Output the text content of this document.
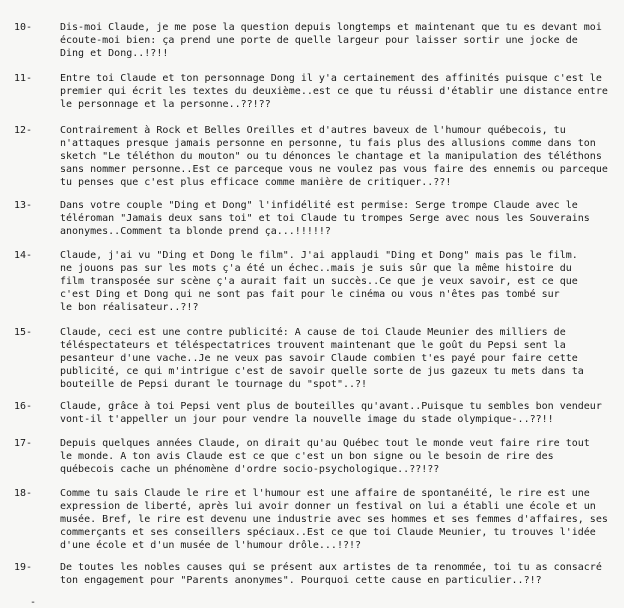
10-	Dis-moi Claude, je me pose la question depuis longtemps et maintenant que tu es devant moi
écoute-moi bien: ça prend une porte de quelle largeur pour laisser sortir une jocke de
Ding et Dong..!?!!
11-	Entre toi Claude et ton personnage Dong il y'a certainement des affinités puisque c'est le
premier qui écrit les textes du deuxième..est ce que tu réussi d'établir une distance entre
le personnage et la personne..??!??
12-	Contrairement à Rock et Belles Oreilles et d'autres baveux de l'humour québecois, tu
n'attaques presque jamais personne en personne, tu fais plus des allusions comme dans ton
sketch "Le téléthon du mouton" ou tu dénonces le chantage et la manipulation des téléthons
sans nommer personne..Est ce parceque vous ne voulez pas vous faire des ennemis ou parceque
tu penses que c'est plus efficace comme manière de critiquer..??!
13-	Dans votre couple "Ding et Dong" l'infidélité est permise: Serge trompe Claude avec le
téléroman "Jamais deux sans toi" et toi Claude tu trompes Serge avec nous les Souverains
anonymes..Comment ta blonde prend ça...!!!!!?
14-	Claude, j'ai vu "Ding et Dong le film". J'ai applaudi "Ding et Dong" mais pas le film.
ne jouons pas sur les mots ç'a été un échec..mais je suis sûr que la même histoire du
film transposée sur scène ç'a aurait fait un succès..Ce que je veux savoir, est ce que
c'est Ding et Dong qui ne sont pas fait pour le cinéma ou vous n'êtes pas tombé sur
le bon réalisateur..?!?
15-	Claude, ceci est une contre publicité: A cause de toi Claude Meunier des milliers de
téléspectateurs et téléspectatrices trouvent maintenant que le goût du Pepsi sent la
pesanteur d'une vache..Je ne veux pas savoir Claude combien t'es payé pour faire cette
publicité, ce qui m'intrigue c'est de savoir quelle sorte de jus gazeux tu mets dans ta
bouteille de Pepsi durant le tournage du "spot"..?!
16-	Claude, grâce à toi Pepsi vent plus de bouteilles qu'avant..Puisque tu sembles bon vendeur
vont-il t'appeller un jour pour vendre la nouvelle image du stade olympique-..??!!
17-	Depuis quelques années Claude, on dirait qu'au Québec tout le monde veut faire rire tout
le monde. A ton avis Claude est ce que c'est un bon signe ou le besoin de rire des
québecois cache un phénomène d'ordre socio-psychologique..??!??
18-	Comme tu sais Claude le rire et l'humour est une affaire de spontanéité, le rire est une
expression de liberté, après lui avoir donner un festival on lui a établi une école et un
musée. Bref, le rire est devenu une industrie avec ses hommes et ses femmes d'affaires, ses
commerçants et ses conseillers spéciaux..Est ce que toi Claude Meunier, tu trouves l'idée
d'une école et d'un musée de l'humour drôle...!?!?
19-	De toutes les nobles causes qui se présent aux artistes de ta renommée, toi tu as consacré
ton engagement pour "Parents anonymes". Pourquoi cette cause en particulier..?!?
-
